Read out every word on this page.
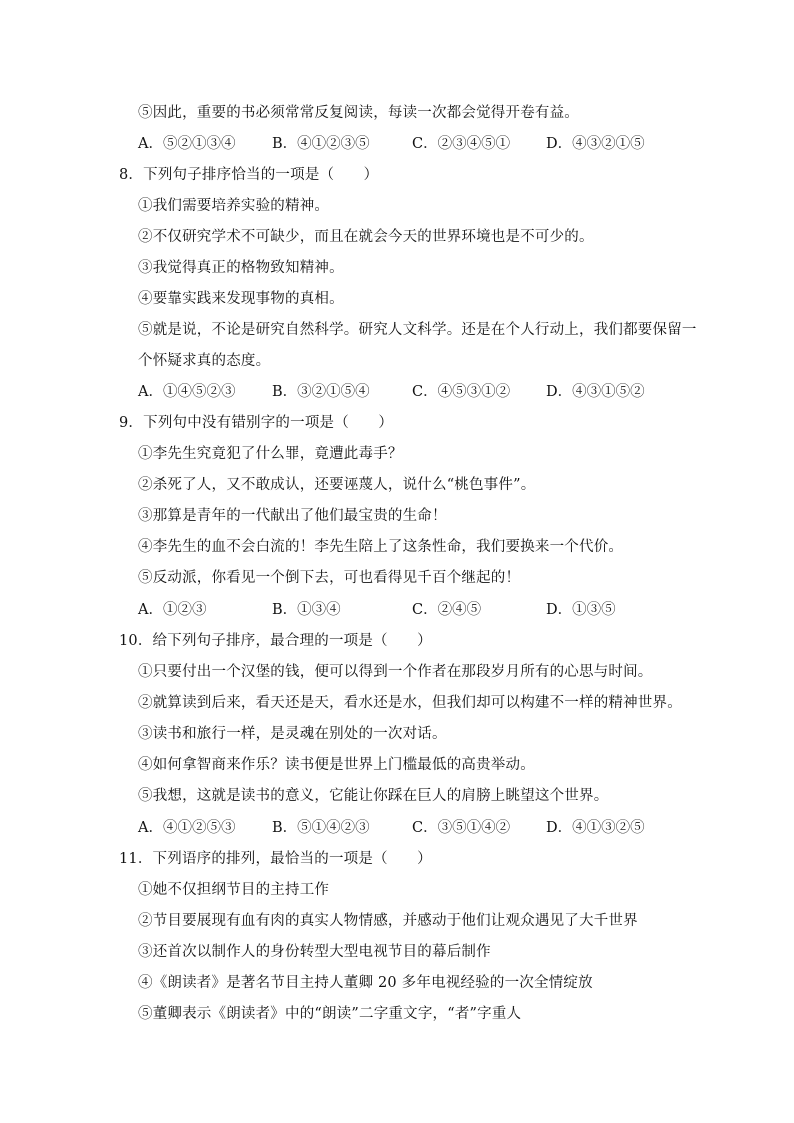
⑤因此，重要的书必须常常反复阅读，每读一次都会觉得开卷有益。
A．⑤②①③④	B．④①②③⑤	C．②③④⑤① D．④③②①⑤
8．下列句子排序恰当的一项是（　　）
①我们需要培养实验的精神。
②不仅研究学术不可缺少，而且在就会今天的世界环境也是不可少的。
③我觉得真正的格物致知精神。
④要靠实践来发现事物的真相。
⑤就是说，不论是研究自然科学。研究人文科学。还是在个人行动上，我们都要保留一
个怀疑求真的态度。
A．①④⑤②③	B．③②①⑤④	C．④⑤③①② D．④③①⑤②
9．下列句中没有错别字的一项是（　　）
①李先生究竟犯了什么罪，竟遭此毒手？
②杀死了人，又不敢成认，还要诬蔑人，说什么“桃色事件”。
③那算是青年的一代献出了他们最宝贵的生命！
④李先生的血不会白流的！李先生陪上了这条性命，我们要换来一个代价。
⑤反动派，你看见一个倒下去，可也看得见千百个继起的！
A．①②③	B．①③④	C．②④⑤	D．①③⑤
10．给下列句子排序，最合理的一项是（　　）
①只要付出一个汉堡的钱，便可以得到一个作者在那段岁月所有的心思与时间。
②就算读到后来，看天还是天，看水还是水，但我们却可以构建不一样的精神世界。
③读书和旅行一样，是灵魂在别处的一次对话。
④如何拿智商来作乐？读书便是世界上门槛最低的高贵举动。
⑤我想，这就是读书的意义，它能让你踩在巨人的肩膀上眺望这个世界。
A．④①②⑤③	B．⑤①④②③	C．③⑤①④② D．④①③②⑤
11．下列语序的排列，最恰当的一项是（　　）
①她不仅担纲节目的主持工作
②节目要展现有血有肉的真实人物情感，并感动于他们让观众遇见了大千世界
③还首次以制作人的身份转型大型电视节目的幕后制作
④《朗读者》是著名节目主持人董卿 20 多年电视经验的一次全情绽放
⑤董卿表示《朗读者》中的“朗读”二字重文字，“者”字重人
